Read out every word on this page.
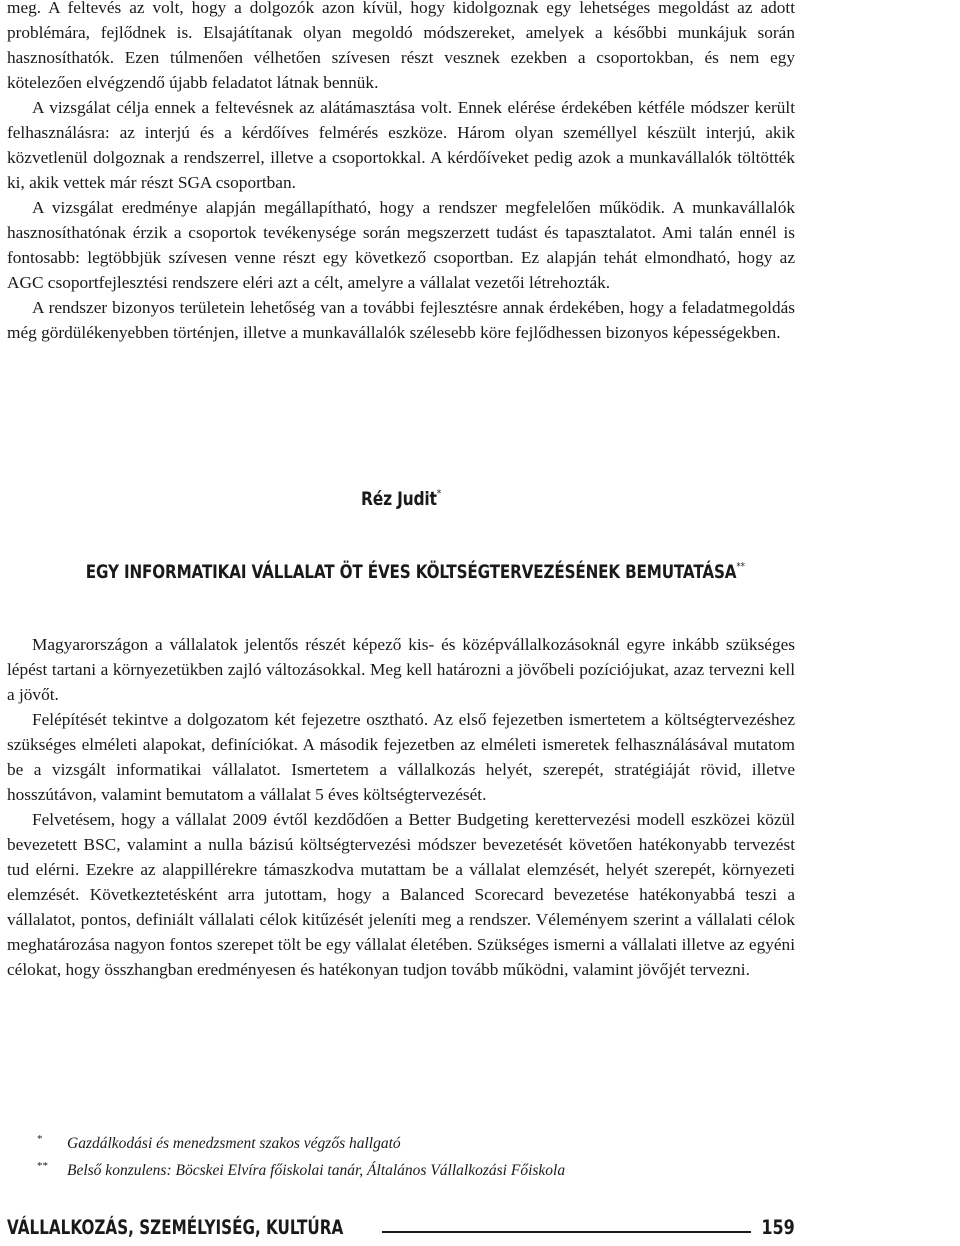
meg. A feltevés az volt, hogy a dolgozók azon kívül, hogy kidolgoznak egy lehetséges megoldást az adott problémára, fejlődnek is. Elsajátítanak olyan megoldó módszereket, amelyek a későbbi munkájuk során hasznosíthatók. Ezen túlmenően vélhetően szívesen részt vesznek ezekben a csoportokban, és nem egy kötelezően elvégzendő újabb feladatot látnak bennük.

A vizsgálat célja ennek a feltevésnek az alátámasztása volt. Ennek elérése érdekében kétféle módszer került felhasználásra: az interjú és a kérdőíves felmérés eszköze. Három olyan személlyel készült interjú, akik közvetlenül dolgoznak a rendszerrel, illetve a csoportokkal. A kérdőíveket pedig azok a munkavállalók töltötték ki, akik vettek már részt SGA csoportban.

A vizsgálat eredménye alapján megállapítható, hogy a rendszer megfelelően működik. A munkavállalók hasznosíthatónak érzik a csoportok tevékenysége során megszerzett tudást és tapasztalatot. Ami talán ennél is fontosabb: legtöbbjük szívesen venne részt egy következő csoportban. Ez alapján tehát elmondható, hogy az AGC csoportfejlesztési rendszere eléri azt a célt, amelyre a vállalat vezetői létrehozták.

A rendszer bizonyos területein lehetőség van a további fejlesztésre annak érdekében, hogy a feladatmegoldás még gördülékenyebben történjen, illetve a munkavállalók szélesebb köre fejlődhessen bizonyos képességekben.

Réz Judit*
EGY INFORMATIKAI VÁLLALAT ÖT ÉVES KÖLTSÉGTERVEZÉSÉNEK BEMUTATÁSA**

Magyarországon a vállalatok jelentős részét képező kis- és középvállalkozásoknál egyre inkább szükséges lépést tartani a környezetükben zajló változásokkal. Meg kell határozni a jövőbeli pozíciójukat, azaz tervezni kell a jövőt.

Felépítését tekintve a dolgozatom két fejezetre osztható. Az első fejezetben ismertetem a költségtervezéshez szükséges elméleti alapokat, definíciókat. A második fejezetben az elméleti ismeretek felhasználásával mutatom be a vizsgált informatikai vállalatot. Ismertetem a vállalkozás helyét, szerepét, stratégiáját rövid, illetve hosszútávon, valamint bemutatom a vállalat 5 éves költségtervezését.

Felvetésem, hogy a vállalat 2009 évtől kezdődően a Better Budgeting kerettervezési modell eszközei közül bevezetett BSC, valamint a nulla bázisú költségtervezési módszer bevezetését követően hatékonyabb tervezést tud elérni. Ezekre az alappillérekre támaszkodva mutattam be a vállalat elemzését, helyét szerepét, környezeti elemzését. Következtetésként arra jutottam, hogy a Balanced Scorecard bevezetése hatékonyabbá teszi a vállalatot, pontos, definiált vállalati célok kitűzését jeleníti meg a rendszer. Véleményem szerint a vállalati célok meghatározása nagyon fontos szerepet tölt be egy vállalat életében. Szükséges ismerni a vállalati illetve az egyéni célokat, hogy összhangban eredményesen és hatékonyan tudjon tovább működni, valamint jövőjét tervezni.

*	Gazdálkodási és menedzsment szakos végzős hallgató
**	Belső konzulens: Böcskei Elvíra főiskolai tanár, Általános Vállalkozási Főiskola
VÁLLALKOZÁS, SZEMÉLYISÉG, KULTÚRA	159
